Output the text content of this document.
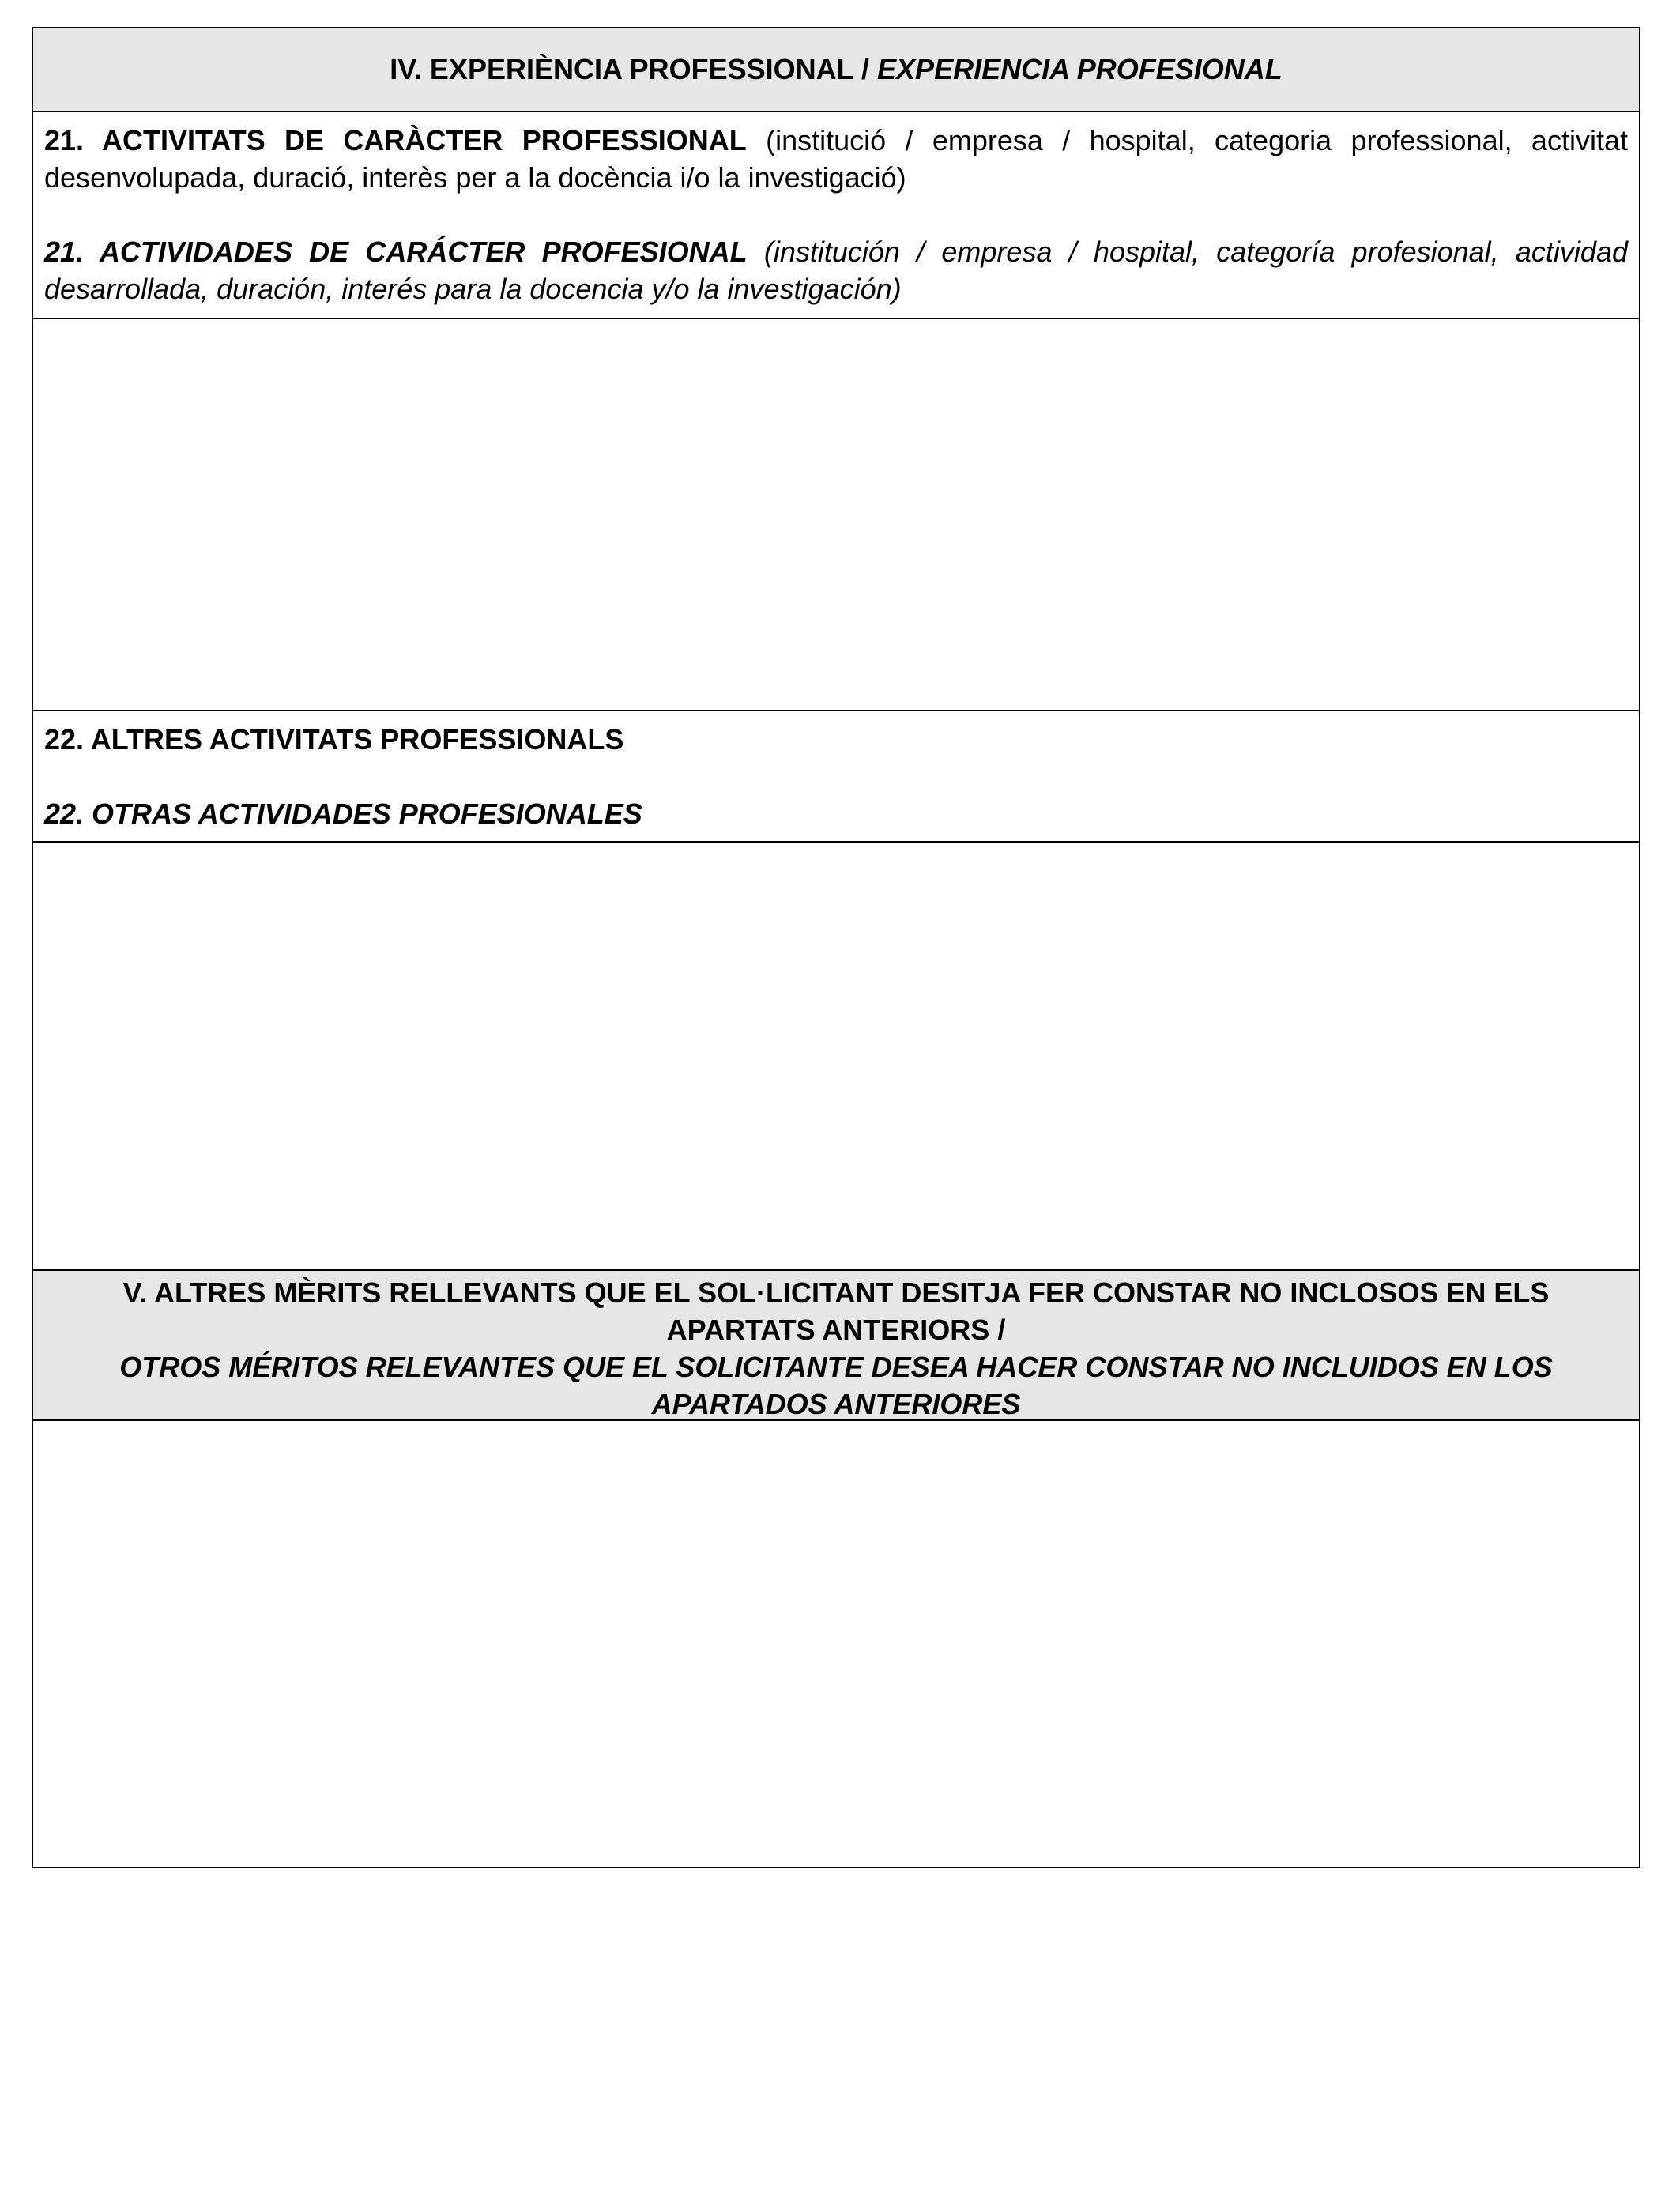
IV. EXPERIÈNCIA PROFESSIONAL / EXPERIENCIA PROFESIONAL

21. ACTIVITATS DE CARÀCTER PROFESSIONAL (institució / empresa / hospital, categoria professional, activitat desenvolupada, duració, interès per a la docència i/o la investigació)

21. ACTIVIDADES DE CARÁCTER PROFESIONAL (institución / empresa / hospital, categoría profesional, actividad desarrollada, duración, interés para la docencia y/o la investigación)

22. ALTRES ACTIVITATS PROFESSIONALS

22. OTRAS ACTIVIDADES PROFESIONALES

V. ALTRES MÈRITS RELLEVANTS QUE EL SOL·LICITANT DESITJA FER CONSTAR NO INCLOSOS EN ELS APARTATS ANTERIORS /

OTROS MÉRITOS RELEVANTES QUE EL SOLICITANTE DESEA HACER CONSTAR NO INCLUIDOS EN LOS APARTADOS ANTERIORES
